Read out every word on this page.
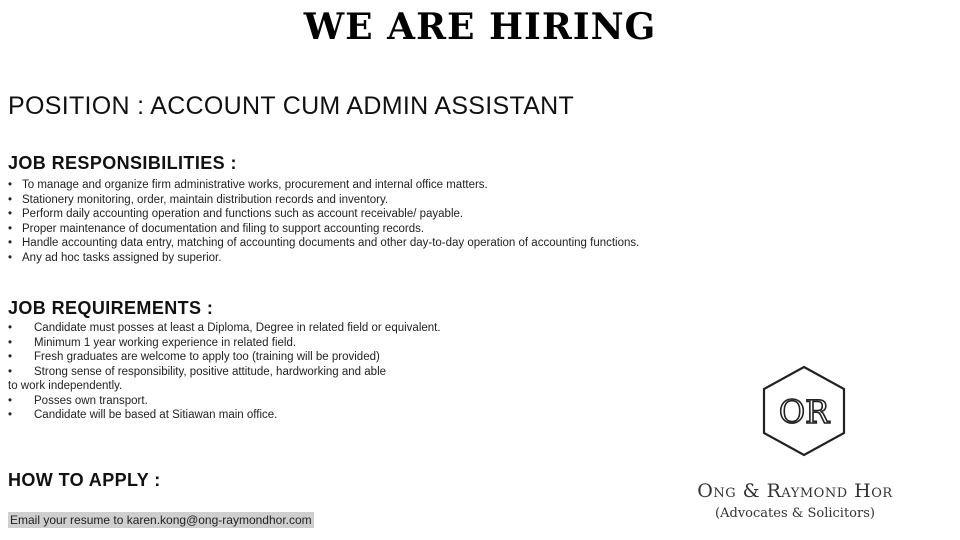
WE ARE HIRING
POSITION : ACCOUNT CUM ADMIN ASSISTANT
JOB RESPONSIBILITIES :
• To manage and organize firm administrative works, procurement and internal office matters.
• Stationery monitoring, order, maintain distribution records and inventory.
• Perform daily accounting operation and functions such as account receivable/ payable.
• Proper maintenance of documentation and filing to support accounting records.
• Handle accounting data entry, matching of accounting documents and other day-to-day operation of accounting functions.
• Any ad hoc tasks assigned by superior.
JOB REQUIREMENTS :
• Candidate must posses at least a Diploma, Degree in related field or equivalent.
• Minimum 1 year working experience in related field.
• Fresh graduates are welcome to apply too (training will be provided)
• Strong sense of responsibility, positive attitude, hardworking and able
to work independently.
• Posses own transport.
• Candidate will be based at Sitiawan main office.
HOW TO APPLY :
Email your resume to karen.kong@ong-raymondhor.com
OR
Ong & Raymond Hor
(Advocates & Solicitors)
